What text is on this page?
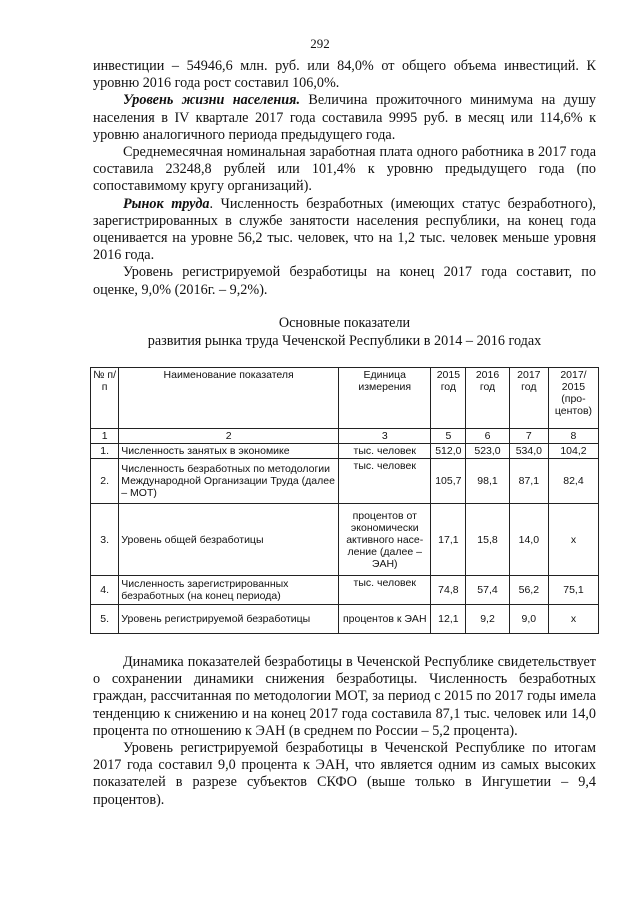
292

инвестиции – 54946,6 млн. руб. или 84,0% от общего объема инвестиций. К уровню 2016 года рост составил 106,0%.

Уровень жизни населения. Величина прожиточного минимума на душу населения в IV квартале 2017 года составила 9995 руб. в месяц или 114,6% к уровню аналогичного периода предыдущего года.

Среднемесячная номинальная заработная плата одного работника в 2017 года составила 23248,8 рублей или 101,4% к уровню предыдущего года (по сопоставимому кругу организаций).

Рынок труда. Численность безработных (имеющих статус безработного), зарегистрированных в службе занятости населения республики, на конец года оценивается на уровне 56,2 тыс. человек, что на 1,2 тыс. человек меньше уровня 2016 года.

Уровень регистрируемой безработицы на конец 2017 года составит, по оценке, 9,0% (2016г. – 9,2%).

Основные показатели

развития рынка труда Чеченской Республики в 2014 – 2016 годах

№ п/п	Наименование показателя	Единица измерения	2015 год	2016 год	2017 год	2017/ 2015 (про-центов)
1	2	3	5	6	7	8
1.	Численность занятых в экономике	тыс. человек	512,0	523,0	534,0	104,2
2.	Численность безработных по методологии Международной Организации Труда (далее – МОТ)	тыс. человек	105,7	98,1	87,1	82,4
3.	Уровень общей безработицы	процентов от экономически активного насе-ление (далее – ЭАН)	17,1	15,8	14,0	х
4.	Численность зарегистрированных безработных (на конец периода)	тыс. человек	74,8	57,4	56,2	75,1
5.	Уровень регистрируемой безработицы	процентов к ЭАН	12,1	9,2	9,0	х

Динамика показателей безработицы в Чеченской Республике свидетельствует о сохранении динамики снижения безработицы. Численность безработных граждан, рассчитанная по методологии МОТ, за период с 2015 по 2017 годы имела тенденцию к снижению и на конец 2017 года составила 87,1 тыс. человек или 14,0 процента по отношению к ЭАН (в среднем по России – 5,2 процента).

Уровень регистрируемой безработицы в Чеченской Республике по итогам 2017 года составил 9,0 процента к ЭАН, что является одним из самых высоких показателей в разрезе субъектов СКФО (выше только в Ингушетии – 9,4 процентов).
